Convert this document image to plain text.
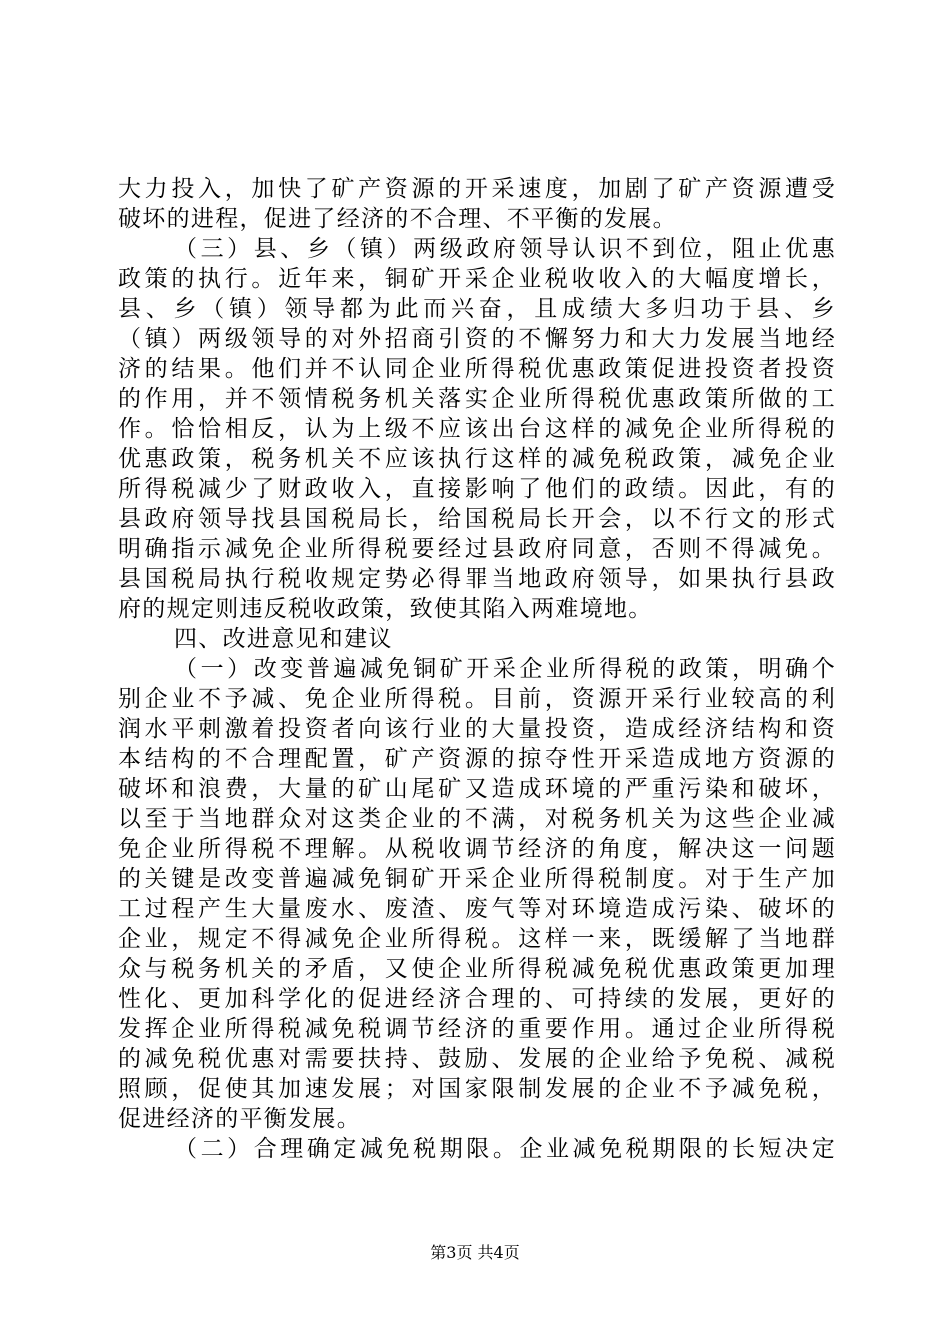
大力投入，加快了矿产资源的开采速度，加剧了矿产资源遭受
破坏的进程，促进了经济的不合理、不平衡的发展。
（三）县、乡（镇）两级政府领导认识不到位，阻止优惠
政策的执行。近年来，铜矿开采企业税收收入的大幅度增长，
县、乡（镇）领导都为此而兴奋，且成绩大多归功于县、乡
（镇）两级领导的对外招商引资的不懈努力和大力发展当地经
济的结果。他们并不认同企业所得税优惠政策促进投资者投资
的作用，并不领情税务机关落实企业所得税优惠政策所做的工
作。恰恰相反，认为上级不应该出台这样的减免企业所得税的
优惠政策，税务机关不应该执行这样的减免税政策，减免企业
所得税减少了财政收入，直接影响了他们的政绩。因此，有的
县政府领导找县国税局长，给国税局长开会，以不行文的形式
明确指示减免企业所得税要经过县政府同意，否则不得减免。
县国税局执行税收规定势必得罪当地政府领导，如果执行县政
府的规定则违反税收政策，致使其陷入两难境地。
四、改进意见和建议
（一）改变普遍减免铜矿开采企业所得税的政策，明确个
别企业不予减、免企业所得税。目前，资源开采行业较高的利
润水平刺激着投资者向该行业的大量投资，造成经济结构和资
本结构的不合理配置，矿产资源的掠夺性开采造成地方资源的
破坏和浪费，大量的矿山尾矿又造成环境的严重污染和破坏，
以至于当地群众对这类企业的不满，对税务机关为这些企业减
免企业所得税不理解。从税收调节经济的角度，解决这一问题
的关键是改变普遍减免铜矿开采企业所得税制度。对于生产加
工过程产生大量废水、废渣、废气等对环境造成污染、破坏的
企业，规定不得减免企业所得税。这样一来，既缓解了当地群
众与税务机关的矛盾，又使企业所得税减免税优惠政策更加理
性化、更加科学化的促进经济合理的、可持续的发展，更好的
发挥企业所得税减免税调节经济的重要作用。通过企业所得税
的减免税优惠对需要扶持、鼓励、发展的企业给予免税、减税
照顾，促使其加速发展；对国家限制发展的企业不予减免税，
促进经济的平衡发展。
（二）合理确定减免税期限。企业减免税期限的长短决定
第3页 共4页
